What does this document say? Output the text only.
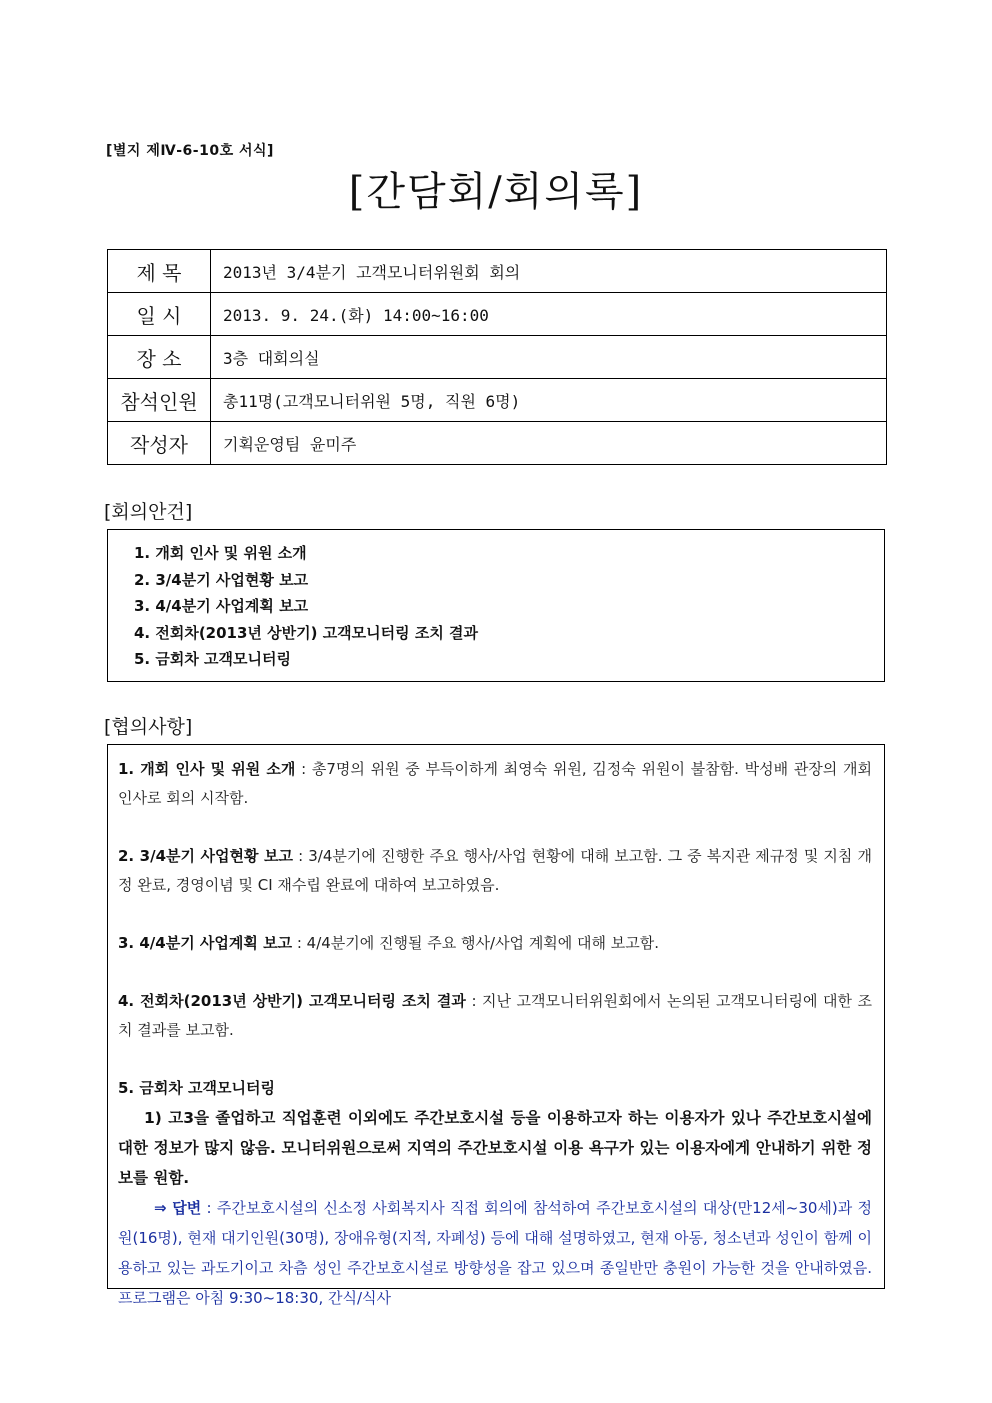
[별지 제Ⅳ-6-10호 서식]
[간담회/회의록]
제 목	2013년 3/4분기 고객모니터위원회 회의
일 시	2013. 9. 24.(화) 14:00~16:00
장 소	3층 대회의실
참석인원	총11명(고객모니터위원 5명, 직원 6명)
작성자	기획운영팀 윤미주
[회의안건]
1. 개회 인사 및 위원 소개
2. 3/4분기 사업현황 보고
3. 4/4분기 사업계획 보고
4. 전회차(2013년 상반기) 고객모니터링 조치 결과
5. 금회차 고객모니터링
[협의사항]
1. 개회 인사 및 위원 소개 : 총7명의 위원 중 부득이하게 최영숙 위원, 김정숙 위원이 불참함. 박성배 관장의 개회 인사로 회의 시작함.
2. 3/4분기 사업현황 보고 : 3/4분기에 진행한 주요 행사/사업 현황에 대해 보고함. 그 중 복지관 제규정 및 지침 개정 완료, 경영이념 및 CI 재수립 완료에 대하여 보고하였음.
3. 4/4분기 사업계획 보고 : 4/4분기에 진행될 주요 행사/사업 계획에 대해 보고함.
4. 전회차(2013년 상반기) 고객모니터링 조치 결과 : 지난 고객모니터위원회에서 논의된 고객모니터링에 대한 조치 결과를 보고함.
5. 금회차 고객모니터링
1) 고3을 졸업하고 직업훈련 이외에도 주간보호시설 등을 이용하고자 하는 이용자가 있나 주간보호시설에 대한 정보가 많지 않음. 모니터위원으로써 지역의 주간보호시설 이용 욕구가 있는 이용자에게 안내하기 위한 정보를 원함.
⇒ 답변 : 주간보호시설의 신소정 사회복지사 직접 회의에 참석하여 주간보호시설의 대상(만12세~30세)과 정원(16명), 현재 대기인원(30명), 장애유형(지적, 자폐성) 등에 대해 설명하였고, 현재 아동, 청소년과 성인이 함께 이용하고 있는 과도기이고 차츰 성인 주간보호시설로 방향성을 잡고 있으며 종일반만 충원이 가능한 것을 안내하였음. 프로그램은 아침 9:30~18:30, 간식/식사
